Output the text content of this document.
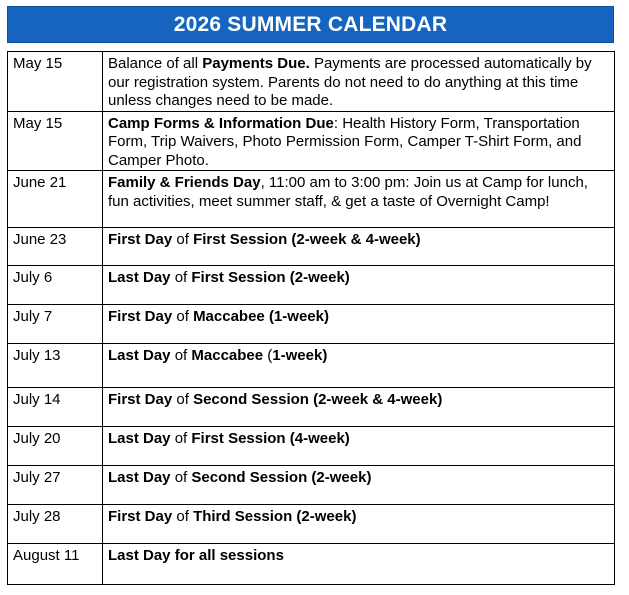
2026 SUMMER CALENDAR
May 15	Balance of all Payments Due. Payments are processed automatically by our registration system. Parents do not need to do anything at this time unless changes need to be made.
May 15	Camp Forms & Information Due: Health History Form, Transportation Form, Trip Waivers, Photo Permission Form, Camper T-Shirt Form, and Camper Photo.
June 21	Family & Friends Day, 11:00 am to 3:00 pm: Join us at Camp for lunch, fun activities, meet summer staff, & get a taste of Overnight Camp!
June 23	First Day of First Session (2-week & 4-week)
July 6	Last Day of First Session (2-week)
July 7	First Day of Maccabee (1-week)
July 13	Last Day of Maccabee (1-week)
July 14	First Day of Second Session (2-week & 4-week)
July 20	Last Day of First Session (4-week)
July 27	Last Day of Second Session (2-week)
July 28	First Day of Third Session (2-week)
August 11	Last Day for all sessions
